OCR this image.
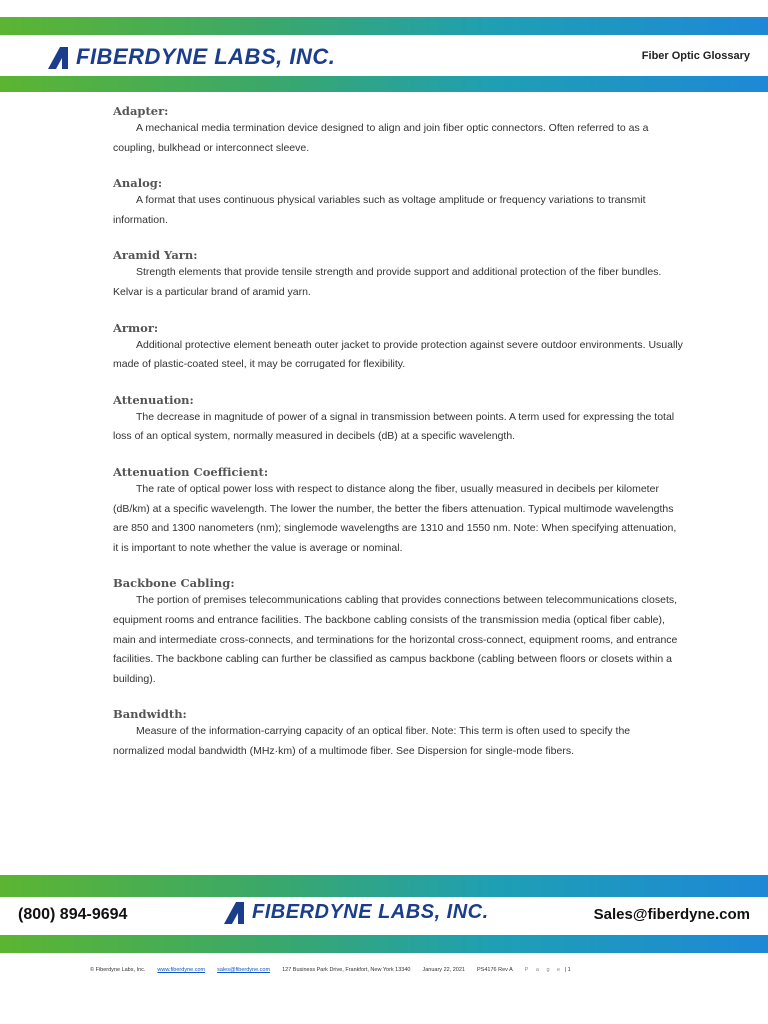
FIBERDYNE LABS, INC.	Fiber Optic Glossary
Adapter:

A mechanical media termination device designed to align and join fiber optic connectors. Often referred to as a coupling, bulkhead or interconnect sleeve.

Analog:

A format that uses continuous physical variables such as voltage amplitude or frequency variations to transmit information.

Aramid Yarn:

Strength elements that provide tensile strength and provide support and additional protection of the fiber bundles. Kelvar is a particular brand of aramid yarn.

Armor:

Additional protective element beneath outer jacket to provide protection against severe outdoor environments. Usually made of plastic-coated steel, it may be corrugated for flexibility.

Attenuation:

The decrease in magnitude of power of a signal in transmission between points. A term used for expressing the total loss of an optical system, normally measured in decibels (dB) at a specific wavelength.

Attenuation Coefficient:

The rate of optical power loss with respect to distance along the fiber, usually measured in decibels per kilometer (dB/km) at a specific wavelength. The lower the number, the better the fibers attenuation. Typical multimode wavelengths are 850 and 1300 nanometers (nm); singlemode wavelengths are 1310 and 1550 nm. Note: When specifying attenuation, it is important to note whether the value is average or nominal.

Backbone Cabling:

The portion of premises telecommunications cabling that provides connections between telecommunications closets, equipment rooms and entrance facilities. The backbone cabling consists of the transmission media (optical fiber cable), main and intermediate cross-connects, and terminations for the horizontal cross-connect, equipment rooms, and entrance facilities. The backbone cabling can further be classified as campus backbone (cabling between floors or closets within a building).

Bandwidth:

Measure of the information-carrying capacity of an optical fiber. Note: This term is often used to specify the normalized modal bandwidth (MHz·km) of a multimode fiber. See Dispersion for single-mode fibers.

(800) 894-9694	FIBERDYNE LABS, INC.	Sales@fiberdyne.com
© Fiberdyne Labs, Inc. www.fiberdyne.com sales@fiberdyne.com 127 Business Park Drive, Frankfort, New York 13340 January 22, 2021 PS4176 Rev A P a g e | 1
